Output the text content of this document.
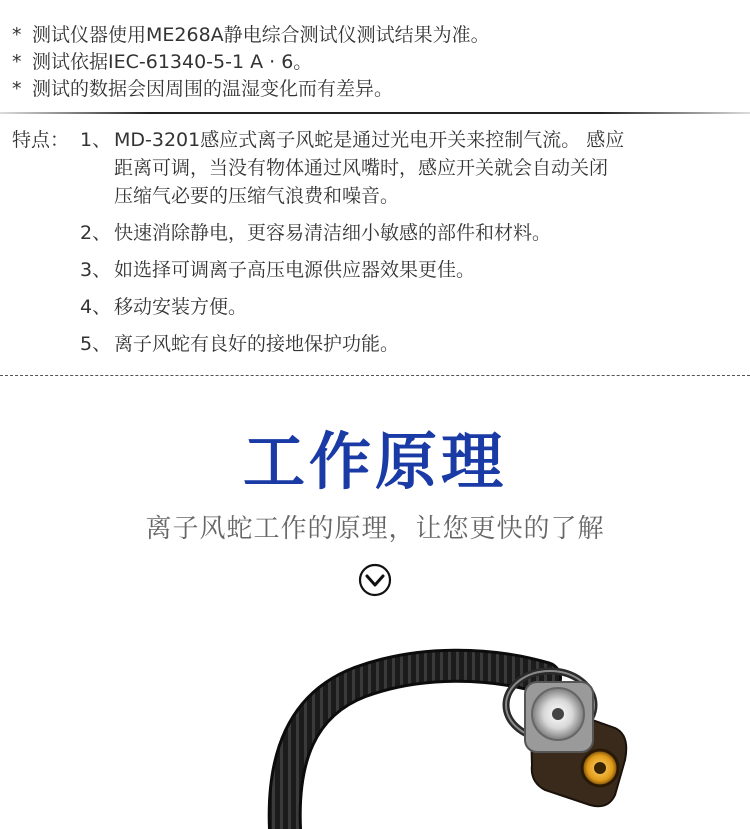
* 测试仪器使用ME268A静电综合测试仪测试结果为准。
* 测试依据IEC-61340-5-1 A · 6。
* 测试的数据会因周围的温湿变化而有差异。
特点： 1、 MD-3201感应式离子风蛇是通过光电开关来控制气流。 感应
距离可调，当没有物体通过风嘴时，感应开关就会自动关闭
压缩气必要的压缩气浪费和噪音。
2、 快速消除静电，更容易清洁细小敏感的部件和材料。
3、 如选择可调离子高压电源供应器效果更佳。
4、 移动安装方便。
5、 离子风蛇有良好的接地保护功能。
工作原理
离子风蛇工作的原理，让您更快的了解
